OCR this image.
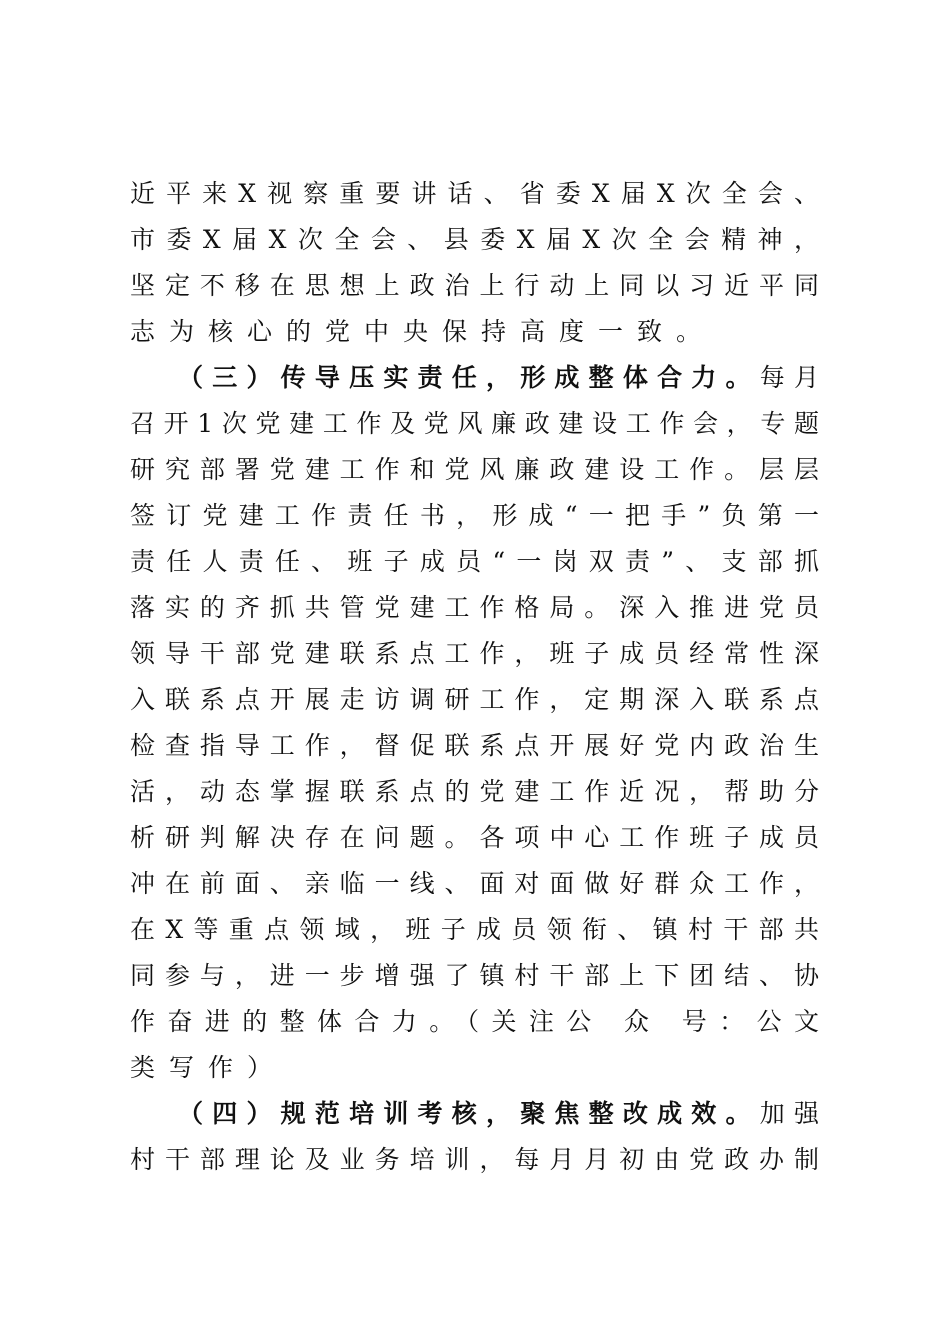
近平来X视察重要讲话、省委X届X次全会、
市委X届X次全会、县委X届X次全会精神，
坚定不移在思想上政治上行动上同以习近平同
志为核心的党中央保持高度一致。
（三）传导压实责任，形成整体合力。每月
召开1次党建工作及党风廉政建设工作会，专题
研究部署党建工作和党风廉政建设工作。层层
签订党建工作责任书，形成“一把手”负第一
责任人责任、班子成员“一岗双责”、支部抓
落实的齐抓共管党建工作格局。深入推进党员
领导干部党建联系点工作，班子成员经常性深
入联系点开展走访调研工作，定期深入联系点
检查指导工作，督促联系点开展好党内政治生
活，动态掌握联系点的党建工作近况，帮助分
析研判解决存在问题。各项中心工作班子成员
冲在前面、亲临一线、面对面做好群众工作，
在X等重点领域，班子成员领衔、镇村干部共
同参与，进一步增强了镇村干部上下团结、协
作奋进的整体合力。（关注公 众 号：公文
类写作）
（四）规范培训考核，聚焦整改成效。加强
村干部理论及业务培训，每月月初由党政办制
